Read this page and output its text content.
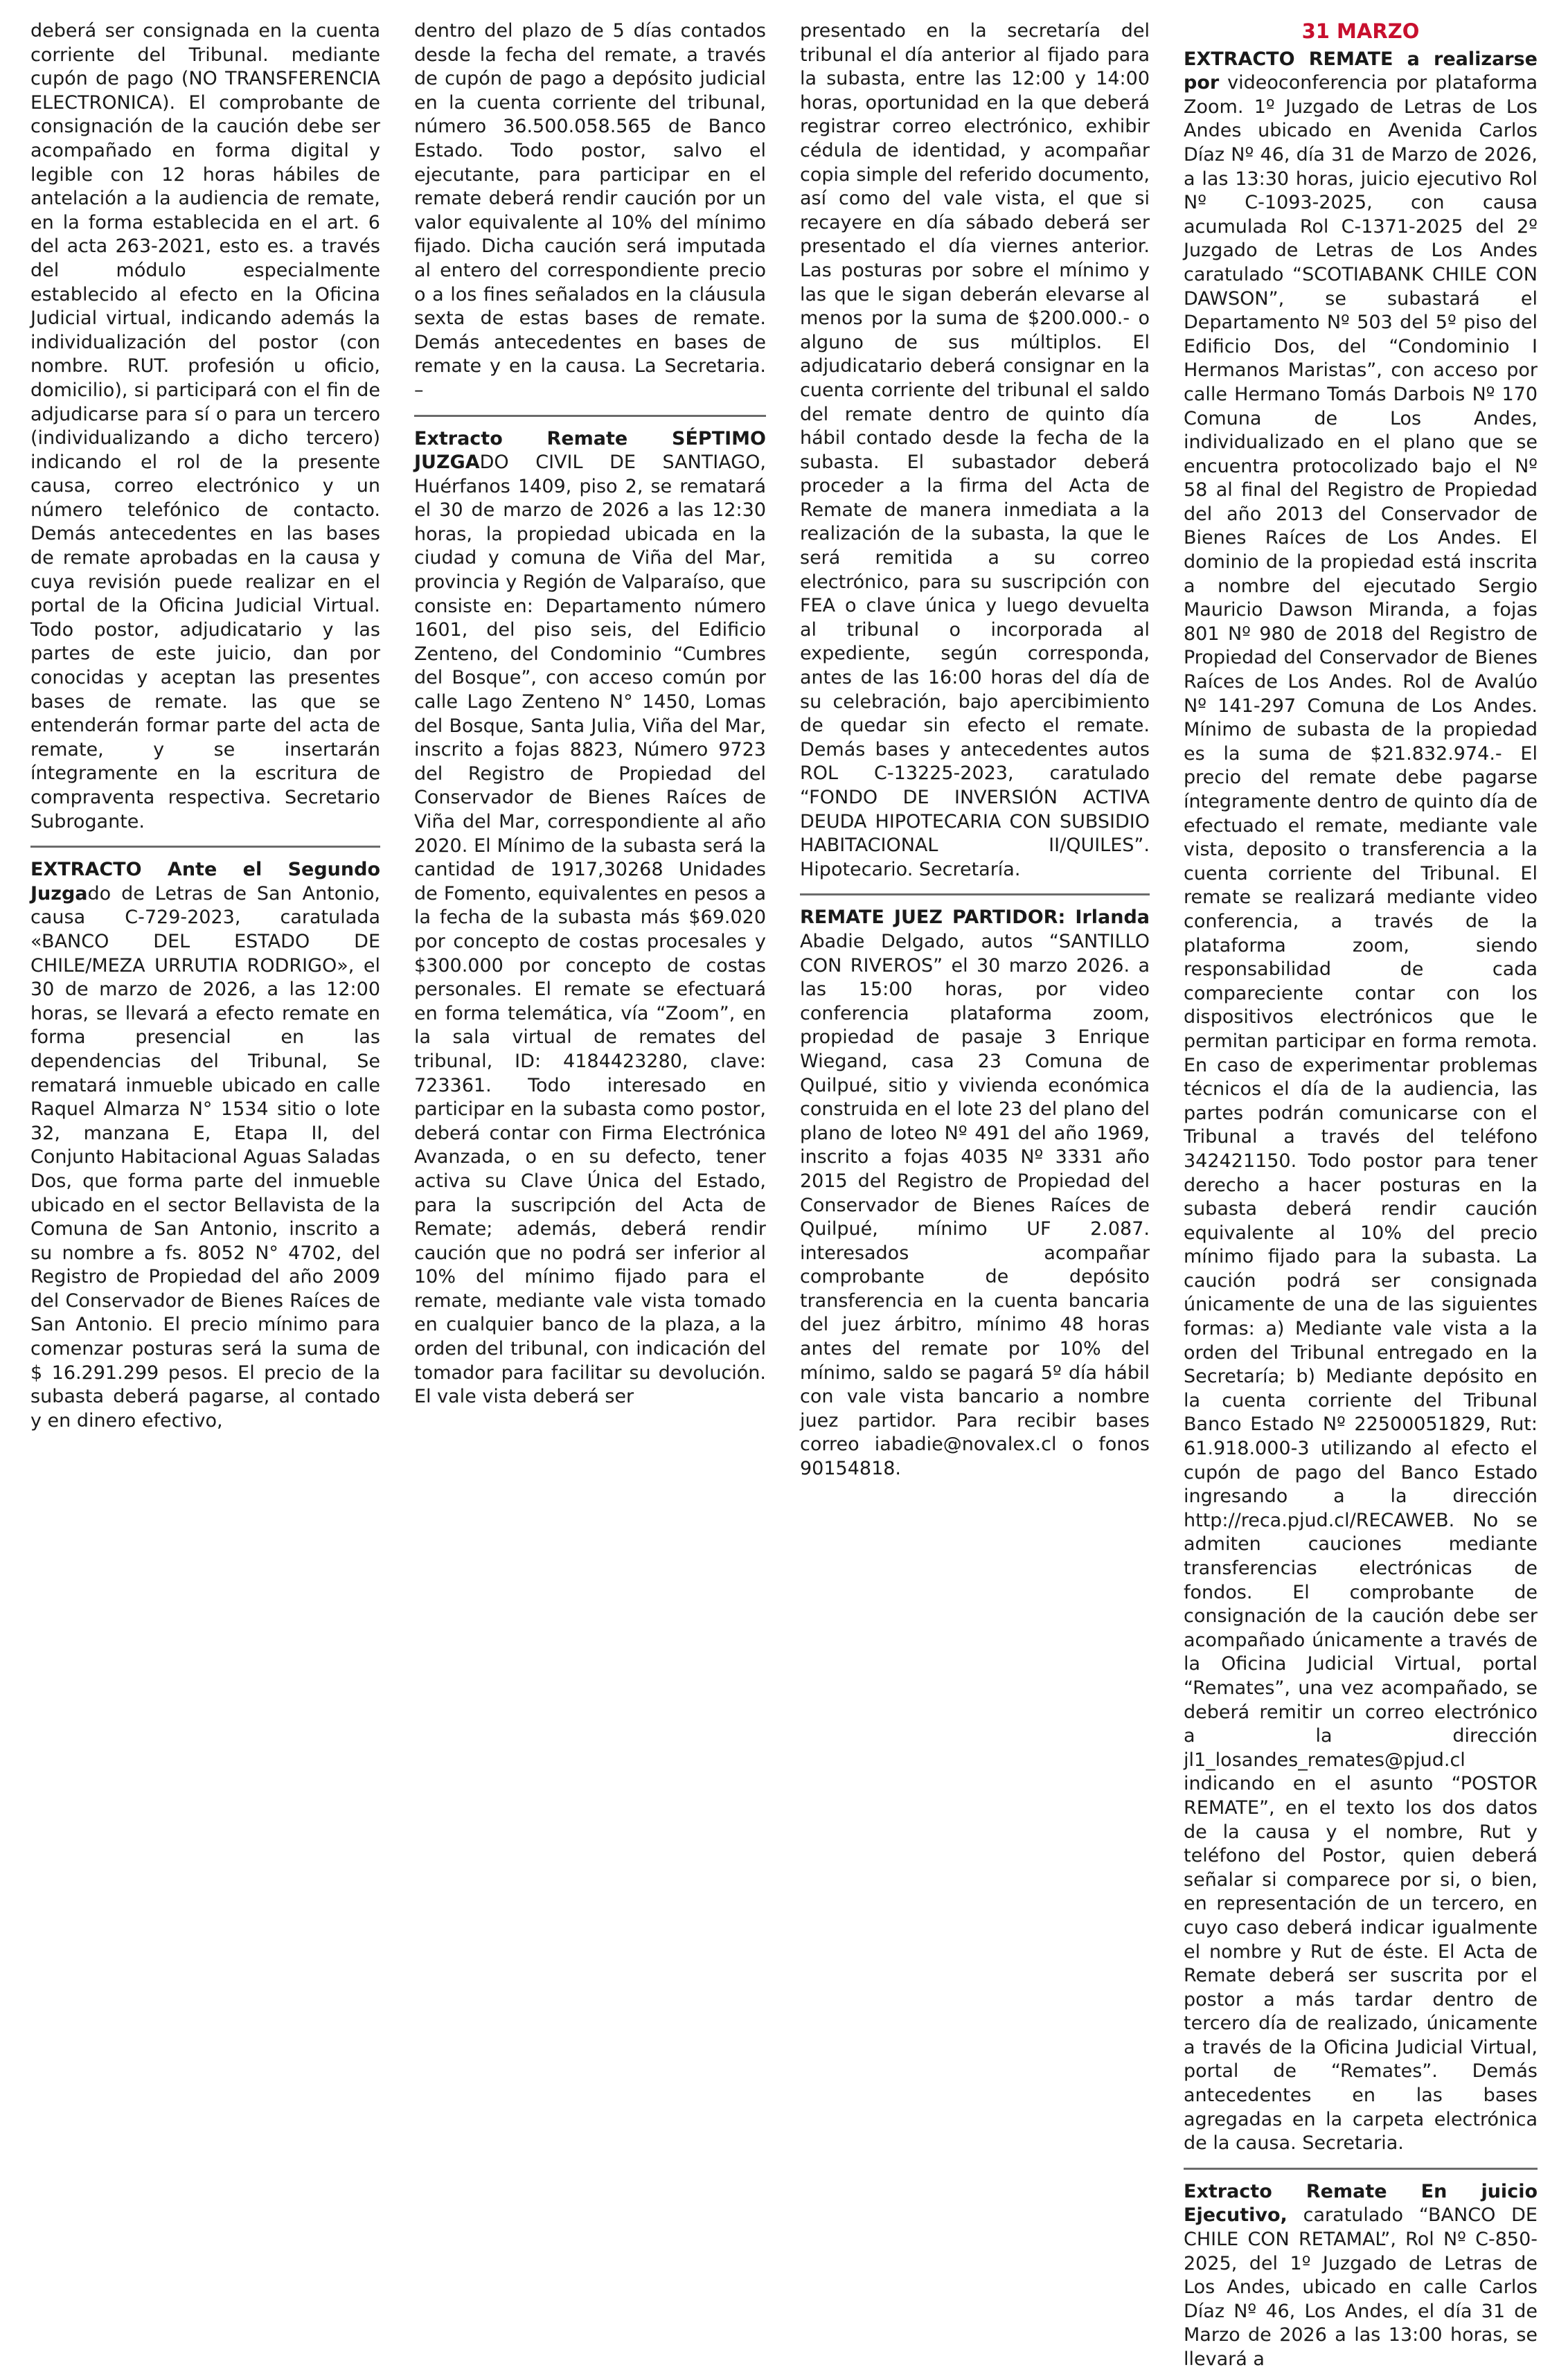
deberá ser consignada en la cuenta corriente del Tribunal. mediante cupón de pago (NO TRANSFERENCIA ELECTRONICA). El comprobante de consignación de la caución debe ser acompañado en forma digital y legible con 12 horas hábiles de antelación a la audiencia de remate, en la forma establecida en el art. 6 del acta 263-2021, esto es. a través del módulo especialmente establecido al efecto en la Oficina Judicial virtual, indicando además la individualización del postor (con nombre. RUT. profesión u oficio, domicilio), si participará con el fin de adjudicarse para sí o para un tercero (individualizando a dicho tercero) indicando el rol de la presente causa, correo electrónico y un número telefónico de contacto. Demás antecedentes en las bases de remate aprobadas en la causa y cuya revisión puede realizar en el portal de la Oficina Judicial Virtual. Todo postor, adjudicatario y las partes de este juicio, dan por conocidas y aceptan las presentes bases de remate. las que se entenderán formar parte del acta de remate, y se insertarán íntegramente en la escritura de compraventa respectiva. Secretario Subrogante.

EXTRACTO Ante el Segundo Juzgado de Letras de San Antonio, causa C-729-2023, caratulada «BANCO DEL ESTADO DE CHILE/MEZA URRUTIA RODRIGO», el 30 de marzo de 2026, a las 12:00 horas, se llevará a efecto remate en forma presencial en las dependencias del Tribunal, Se rematará inmueble ubicado en calle Raquel Almarza N° 1534 sitio o lote 32, manzana E, Etapa II, del Conjunto Habitacional Aguas Saladas Dos, que forma parte del inmueble ubicado en el sector Bellavista de la Comuna de San Antonio, inscrito a su nombre a fs. 8052 N° 4702, del Registro de Propiedad del año 2009 del Conservador de Bienes Raíces de San Antonio. El precio mínimo para comenzar posturas será la suma de $ 16.291.299 pesos. El precio de la subasta deberá pagarse, al contado y en dinero efectivo,

dentro del plazo de 5 días contados desde la fecha del remate, a través de cupón de pago a depósito judicial en la cuenta corriente del tribunal, número 36.500.058.565 de Banco Estado. Todo postor, salvo el ejecutante, para participar en el remate deberá rendir caución por un valor equivalente al 10% del mínimo fijado. Dicha caución será imputada al entero del correspondiente precio o a los fines señalados en la cláusula sexta de estas bases de remate. Demás antecedentes en bases de remate y en la causa. La Secretaria. –

Extracto Remate SÉPTIMO JUZGADO CIVIL DE SANTIAGO, Huérfanos 1409, piso 2, se rematará el 30 de marzo de 2026 a las 12:30 horas, la propiedad ubicada en la ciudad y comuna de Viña del Mar, provincia y Región de Valparaíso, que consiste en: Departamento número 1601, del piso seis, del Edificio Zenteno, del Condominio “Cumbres del Bosque”, con acceso común por calle Lago Zenteno N° 1450, Lomas del Bosque, Santa Julia, Viña del Mar, inscrito a fojas 8823, Número 9723 del Registro de Propiedad del Conservador de Bienes Raíces de Viña del Mar, correspondiente al año 2020. El Mínimo de la subasta será la cantidad de 1917,30268 Unidades de Fomento, equivalentes en pesos a la fecha de la subasta más $69.020 por concepto de costas procesales y $300.000 por concepto de costas personales. El remate se efectuará en forma telemática, vía “Zoom”, en la sala virtual de remates del tribunal, ID: 4184423280, clave: 723361. Todo interesado en participar en la subasta como postor, deberá contar con Firma Electrónica Avanzada, o en su defecto, tener activa su Clave Única del Estado, para la suscripción del Acta de Remate; además, deberá rendir caución que no podrá ser inferior al 10% del mínimo fijado para el remate, mediante vale vista tomado en cualquier banco de la plaza, a la orden del tribunal, con indicación del tomador para facilitar su devolución. El vale vista deberá ser

presentado en la secretaría del tribunal el día anterior al fijado para la subasta, entre las 12:00 y 14:00 horas, oportunidad en la que deberá registrar correo electrónico, exhibir cédula de identidad, y acompañar copia simple del referido documento, así como del vale vista, el que si recayere en día sábado deberá ser presentado el día viernes anterior. Las posturas por sobre el mínimo y las que le sigan deberán elevarse al menos por la suma de $200.000.- o alguno de sus múltiplos. El adjudicatario deberá consignar en la cuenta corriente del tribunal el saldo del remate dentro de quinto día hábil contado desde la fecha de la subasta. El subastador deberá proceder a la firma del Acta de Remate de manera inmediata a la realización de la subasta, la que le será remitida a su correo electrónico, para su suscripción con FEA o clave única y luego devuelta al tribunal o incorporada al expediente, según corresponda, antes de las 16:00 horas del día de su celebración, bajo apercibimiento de quedar sin efecto el remate. Demás bases y antecedentes autos ROL C-13225-2023, caratulado “FONDO DE INVERSIÓN ACTIVA DEUDA HIPOTECARIA CON SUBSIDIO HABITACIONAL II/QUILES”. Hipotecario. Secretaría.

REMATE JUEZ PARTIDOR: Irlanda Abadie Delgado, autos “SANTILLO CON RIVEROS” el 30 marzo 2026. a las 15:00 horas, por video conferencia plataforma zoom, propiedad de pasaje 3 Enrique Wiegand, casa 23 Comuna de Quilpué, sitio y vivienda económica construida en el lote 23 del plano del plano de loteo Nº 491 del año 1969, inscrito a fojas 4035 Nº 3331 año 2015 del Registro de Propiedad del Conservador de Bienes Raíces de Quilpué, mínimo UF 2.087. interesados acompañar comprobante de depósito transferencia en la cuenta bancaria del juez árbitro, mínimo 48 horas antes del remate por 10% del mínimo, saldo se pagará 5º día hábil con vale vista bancario a nombre juez partidor. Para recibir bases correo iabadie@novalex.cl o fonos 90154818.

31 MARZO

EXTRACTO REMATE a realizarse por videoconferencia por plataforma Zoom. 1º Juzgado de Letras de Los Andes ubicado en Avenida Carlos Díaz Nº 46, día 31 de Marzo de 2026, a las 13:30 horas, juicio ejecutivo Rol Nº C-1093-2025, con causa acumulada Rol C-1371-2025 del 2º Juzgado de Letras de Los Andes caratulado “SCOTIABANK CHILE CON DAWSON”, se subastará el Departamento Nº 503 del 5º piso del Edificio Dos, del “Condominio I Hermanos Maristas”, con acceso por calle Hermano Tomás Darbois Nº 170 Comuna de Los Andes, individualizado en el plano que se encuentra protocolizado bajo el Nº 58 al final del Registro de Propiedad del año 2013 del Conservador de Bienes Raíces de Los Andes. El dominio de la propiedad está inscrita a nombre del ejecutado Sergio Mauricio Dawson Miranda, a fojas 801 Nº 980 de 2018 del Registro de Propiedad del Conservador de Bienes Raíces de Los Andes. Rol de Avalúo Nº 141-297 Comuna de Los Andes. Mínimo de subasta de la propiedad es la suma de $21.832.974.- El precio del remate debe pagarse íntegramente dentro de quinto día de efectuado el remate, mediante vale vista, deposito o transferencia a la cuenta corriente del Tribunal. El remate se realizará mediante video conferencia, a través de la plataforma zoom, siendo responsabilidad de cada compareciente contar con los dispositivos electrónicos que le permitan participar en forma remota. En caso de experimentar problemas técnicos el día de la audiencia, las partes podrán comunicarse con el Tribunal a través del teléfono 342421150. Todo postor para tener derecho a hacer posturas en la subasta deberá rendir caución equivalente al 10% del precio mínimo fijado para la subasta. La caución podrá ser consignada únicamente de una de las siguientes formas: a) Mediante vale vista a la orden del Tribunal entregado en la Secretaría; b) Mediante depósito en la cuenta corriente del Tribunal Banco Estado Nº 22500051829, Rut: 61.918.000-3 utilizando al efecto el cupón de pago del Banco Estado ingresando a la dirección http://reca.pjud.cl/RECAWEB. No se admiten cauciones mediante transferencias electrónicas de fondos. El comprobante de consignación de la caución debe ser acompañado únicamente a través de la Oficina Judicial Virtual, portal “Remates”, una vez acompañado, se deberá remitir un correo electrónico a la dirección jl1_losandes_remates@pjud.cl indicando en el asunto “POSTOR REMATE”, en el texto los dos datos de la causa y el nombre, Rut y teléfono del Postor, quien deberá señalar si comparece por si, o bien, en representación de un tercero, en cuyo caso deberá indicar igualmente el nombre y Rut de éste. El Acta de Remate deberá ser suscrita por el postor a más tardar dentro de tercero día de realizado, únicamente a través de la Oficina Judicial Virtual, portal de “Remates”. Demás antecedentes en las bases agregadas en la carpeta electrónica de la causa. Secretaria.

Extracto Remate En juicio Ejecutivo, caratulado “BANCO DE CHILE CON RETAMAL”, Rol Nº C-850-2025, del 1º Juzgado de Letras de Los Andes, ubicado en calle Carlos Díaz Nº 46, Los Andes, el día 31 de Marzo de 2026 a las 13:00 horas, se llevará a
